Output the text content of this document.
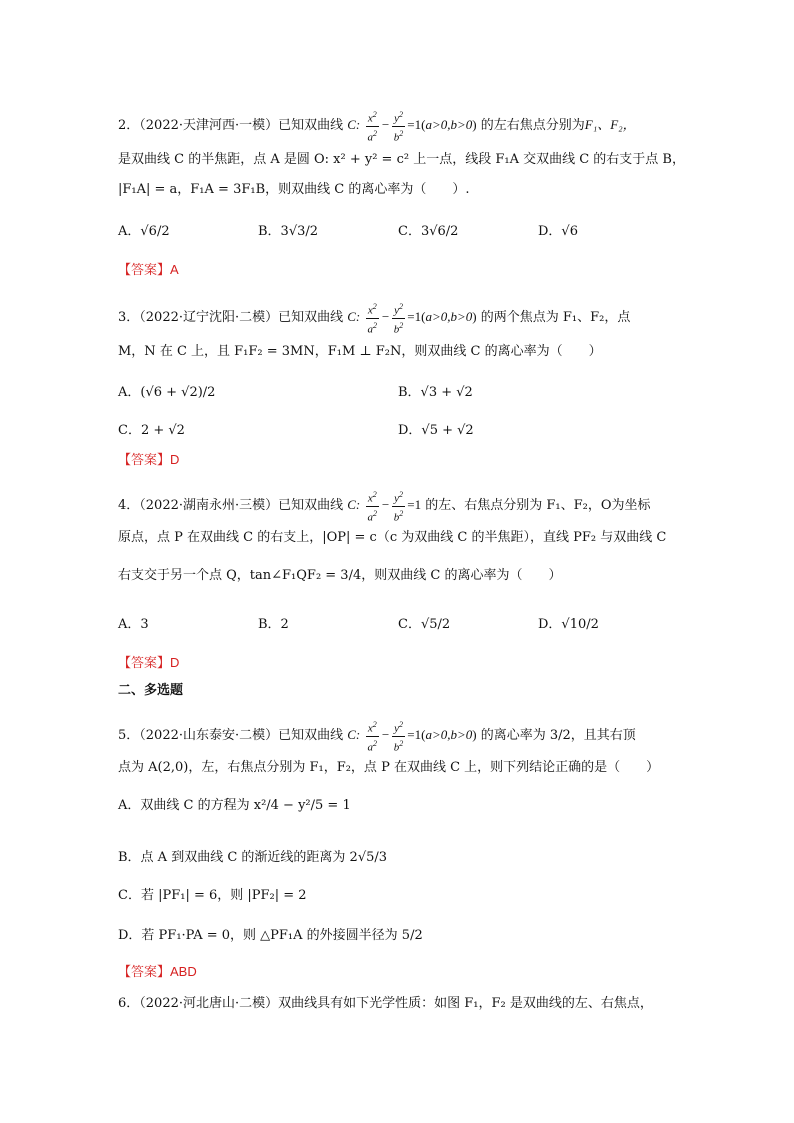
2．（2022·天津河西·一模）已知双曲线 C: $\frac{x^2}{a^2} - \frac{y^2}{b^2} =1(a>0,b>0)$ 的左右焦点分别为F₁、F₂，
是双曲线 C 的半焦距，点 A 是圆 O: x² + y² = c² 上一点，线段 F₁A 交双曲线 C 的右支于点 B，
|F₁A| = a，F₁A = 3F₁B，则双曲线 C 的离心率为（　　）.
A．√6/2	B．3√3/2	C．3√6/2	D．√6
【答案】A
3．（2022·辽宁沈阳·二模）已知双曲线 C: $\frac{x^2}{a^2} - \frac{y^2}{b^2} =1(a>0,b>0)$ 的两个焦点为 F₁、F₂，点
M，N 在 C 上，且 F₁F₂ = 3MN，F₁M ⊥ F₂N，则双曲线 C 的离心率为（　　）
A．(√6 + √2)/2	B．√3 + √2
C．2 + √2	D．√5 + √2
【答案】D
4．（2022·湖南永州·三模）已知双曲线 C: $\frac{x^2}{a^2} - \frac{y^2}{b^2} =1$ 的左、右焦点分别为 F₁、F₂，O为坐标
原点，点 P 在双曲线 C 的右支上，|OP| = c（c 为双曲线 C 的半焦距），直线 PF₂ 与双曲线 C
右支交于另一个点 Q，tan∠F₁QF₂ = 3/4，则双曲线 C 的离心率为（　　）
A．3	B．2	C．√5/2	D．√10/2
【答案】D
二、多选题
5．（2022·山东泰安·二模）已知双曲线 C: $\frac{x^2}{a^2} - \frac{y^2}{b^2} =1(a>0,b>0)$ 的离心率为 3/2，且其右顶
点为 A(2,0)，左，右焦点分别为 F₁，F₂，点 P 在双曲线 C 上，则下列结论正确的是（　　）
A．双曲线 C 的方程为 x²/4 − y²/5 = 1
B．点 A 到双曲线 C 的渐近线的距离为 2√5/3
C．若 |PF₁| = 6，则 |PF₂| = 2
D．若 PF₁·PA = 0，则 △PF₁A 的外接圆半径为 5/2
【答案】ABD
6．（2022·河北唐山·二模）双曲线具有如下光学性质：如图 F₁，F₂ 是双曲线的左、右焦点，
